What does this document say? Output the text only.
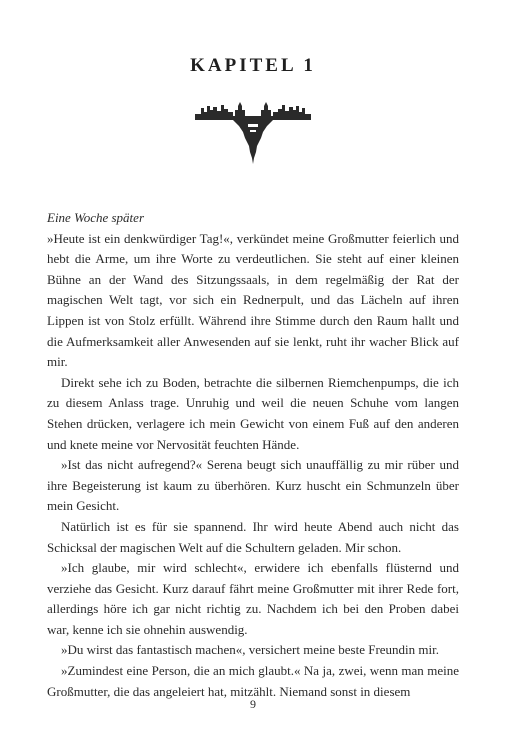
KAPITEL 1

Eine Woche später

»Heute ist ein denkwürdiger Tag!«, verkündet meine Großmutter feierlich und hebt die Arme, um ihre Worte zu verdeutlichen. Sie steht auf einer kleinen Bühne an der Wand des Sitzungssaals, in dem regelmäßig der Rat der magischen Welt tagt, vor sich ein Rednerpult, und das Lächeln auf ihren Lippen ist von Stolz erfüllt. Während ihre Stimme durch den Raum hallt und die Aufmerksamkeit aller Anwesenden auf sie lenkt, ruht ihr wacher Blick auf mir.

Direkt sehe ich zu Boden, betrachte die silbernen Riemchenpumps, die ich zu diesem Anlass trage. Unruhig und weil die neuen Schuhe vom langen Stehen drücken, verlagere ich mein Gewicht von einem Fuß auf den anderen und knete meine vor Nervosität feuchten Hände.

»Ist das nicht aufregend?« Serena beugt sich unauffällig zu mir rüber und ihre Begeisterung ist kaum zu überhören. Kurz huscht ein Schmunzeln über mein Gesicht.

Natürlich ist es für sie spannend. Ihr wird heute Abend auch nicht das Schicksal der magischen Welt auf die Schultern geladen. Mir schon.

»Ich glaube, mir wird schlecht«, erwidere ich ebenfalls flüsternd und verziehe das Gesicht. Kurz darauf fährt meine Großmutter mit ihrer Rede fort, allerdings höre ich gar nicht richtig zu. Nachdem ich bei den Proben dabei war, kenne ich sie ohnehin auswendig.

»Du wirst das fantastisch machen«, versichert meine beste Freundin mir.

»Zumindest eine Person, die an mich glaubt.« Na ja, zwei, wenn man meine Großmutter, die das angeleiert hat, mitzählt. Niemand sonst in diesem

9
